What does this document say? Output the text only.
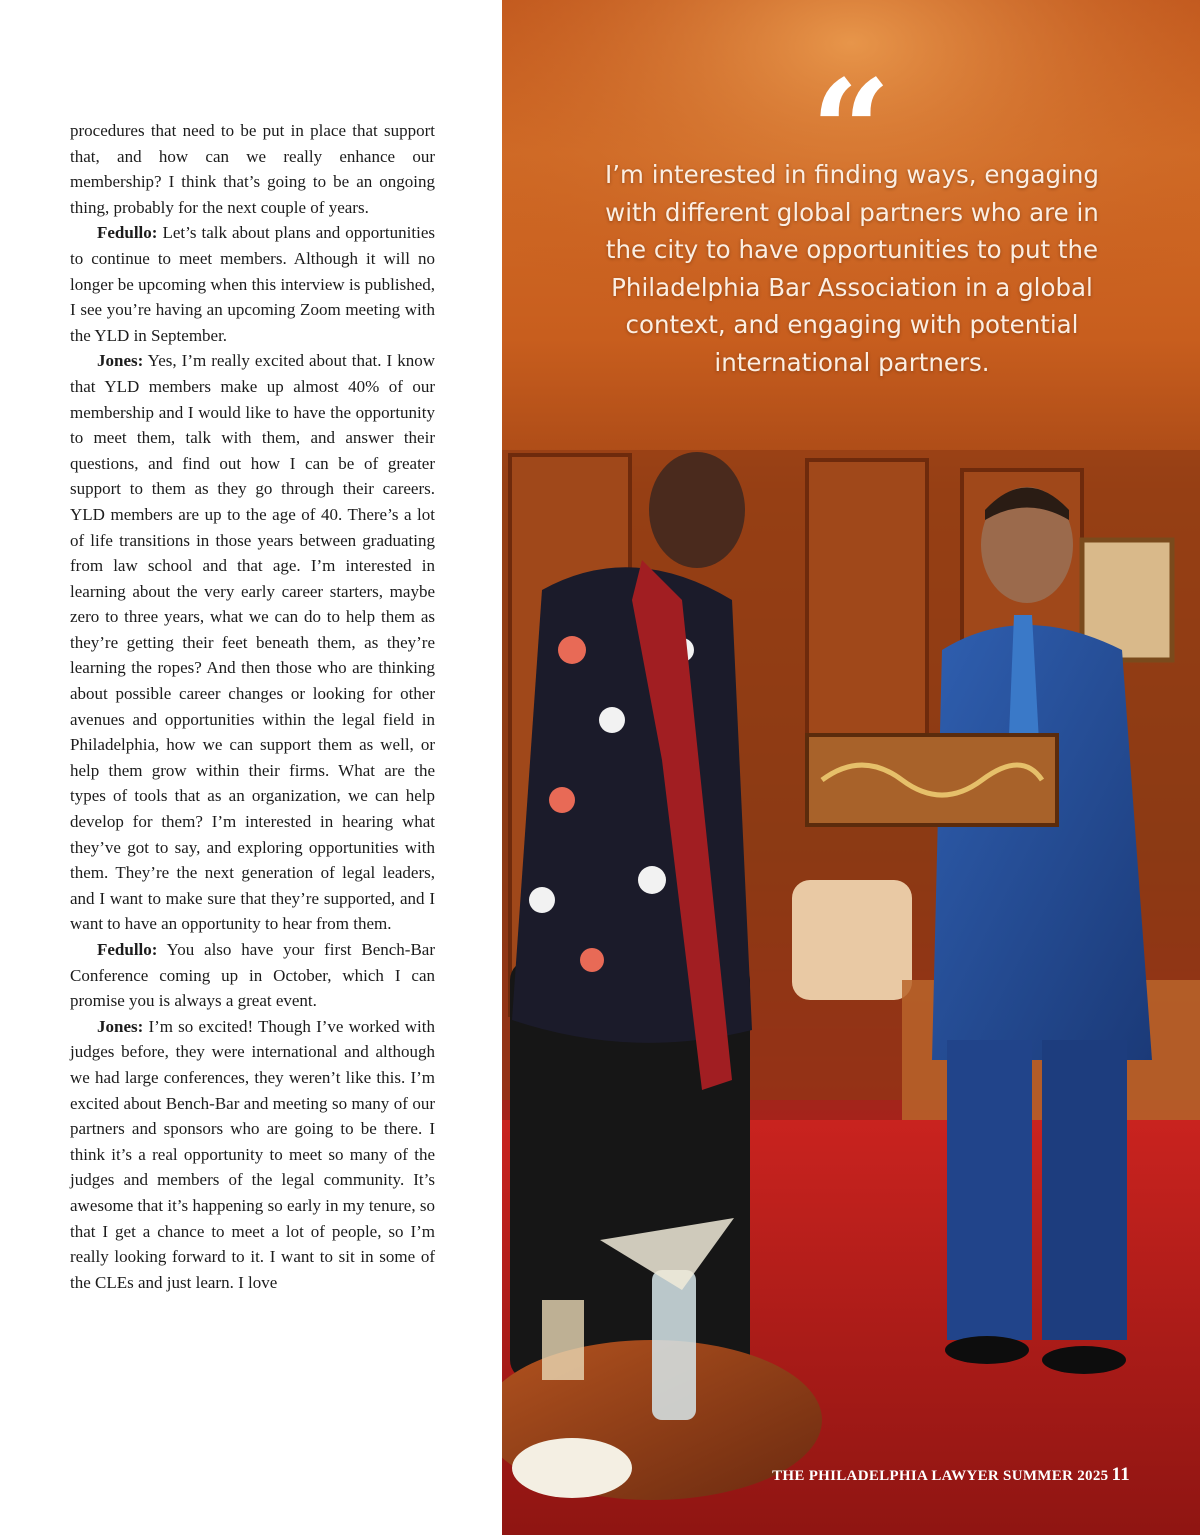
procedures that need to be put in place that support that, and how can we really enhance our membership? I think that’s going to be an ongoing thing, probably for the next couple of years.

Fedullo: Let’s talk about plans and opportunities to continue to meet members. Although it will no longer be upcoming when this interview is published, I see you’re having an upcoming Zoom meeting with the YLD in September.

Jones: Yes, I’m really excited about that. I know that YLD members make up almost 40% of our membership and I would like to have the opportunity to meet them, talk with them, and answer their questions, and find out how I can be of greater support to them as they go through their careers. YLD members are up to the age of 40. There’s a lot of life transitions in those years between graduating from law school and that age. I’m interested in learning about the very early career starters, maybe zero to three years, what we can do to help them as they’re getting their feet beneath them, as they’re learning the ropes? And then those who are thinking about possible career changes or looking for other avenues and opportunities within the legal field in Philadelphia, how we can support them as well, or help them grow within their firms. What are the types of tools that as an organization, we can help develop for them? I’m interested in hearing what they’ve got to say, and exploring opportunities with them. They’re the next generation of legal leaders, and I want to make sure that they’re supported, and I want to have an opportunity to hear from them.

Fedullo: You also have your first Bench-Bar Conference coming up in October, which I can promise you is always a great event.

Jones: I’m so excited! Though I’ve worked with judges before, they were international and although we had large conferences, they weren’t like this. I’m excited about Bench-Bar and meeting so many of our partners and sponsors who are going to be there. I think it’s a real opportunity to meet so many of the judges and members of the legal community. It’s awesome that it’s happening so early in my tenure, so that I get a chance to meet a lot of people, so I’m really looking forward to it. I want to sit in some of the CLEs and just learn. I love

“
I’m interested in finding ways, engaging with different global partners who are in the city to have opportunities to put the Philadelphia Bar Association in a global context, and engaging with potential international partners.
THE PHILADELPHIA LAWYER SUMMER 2025 11
